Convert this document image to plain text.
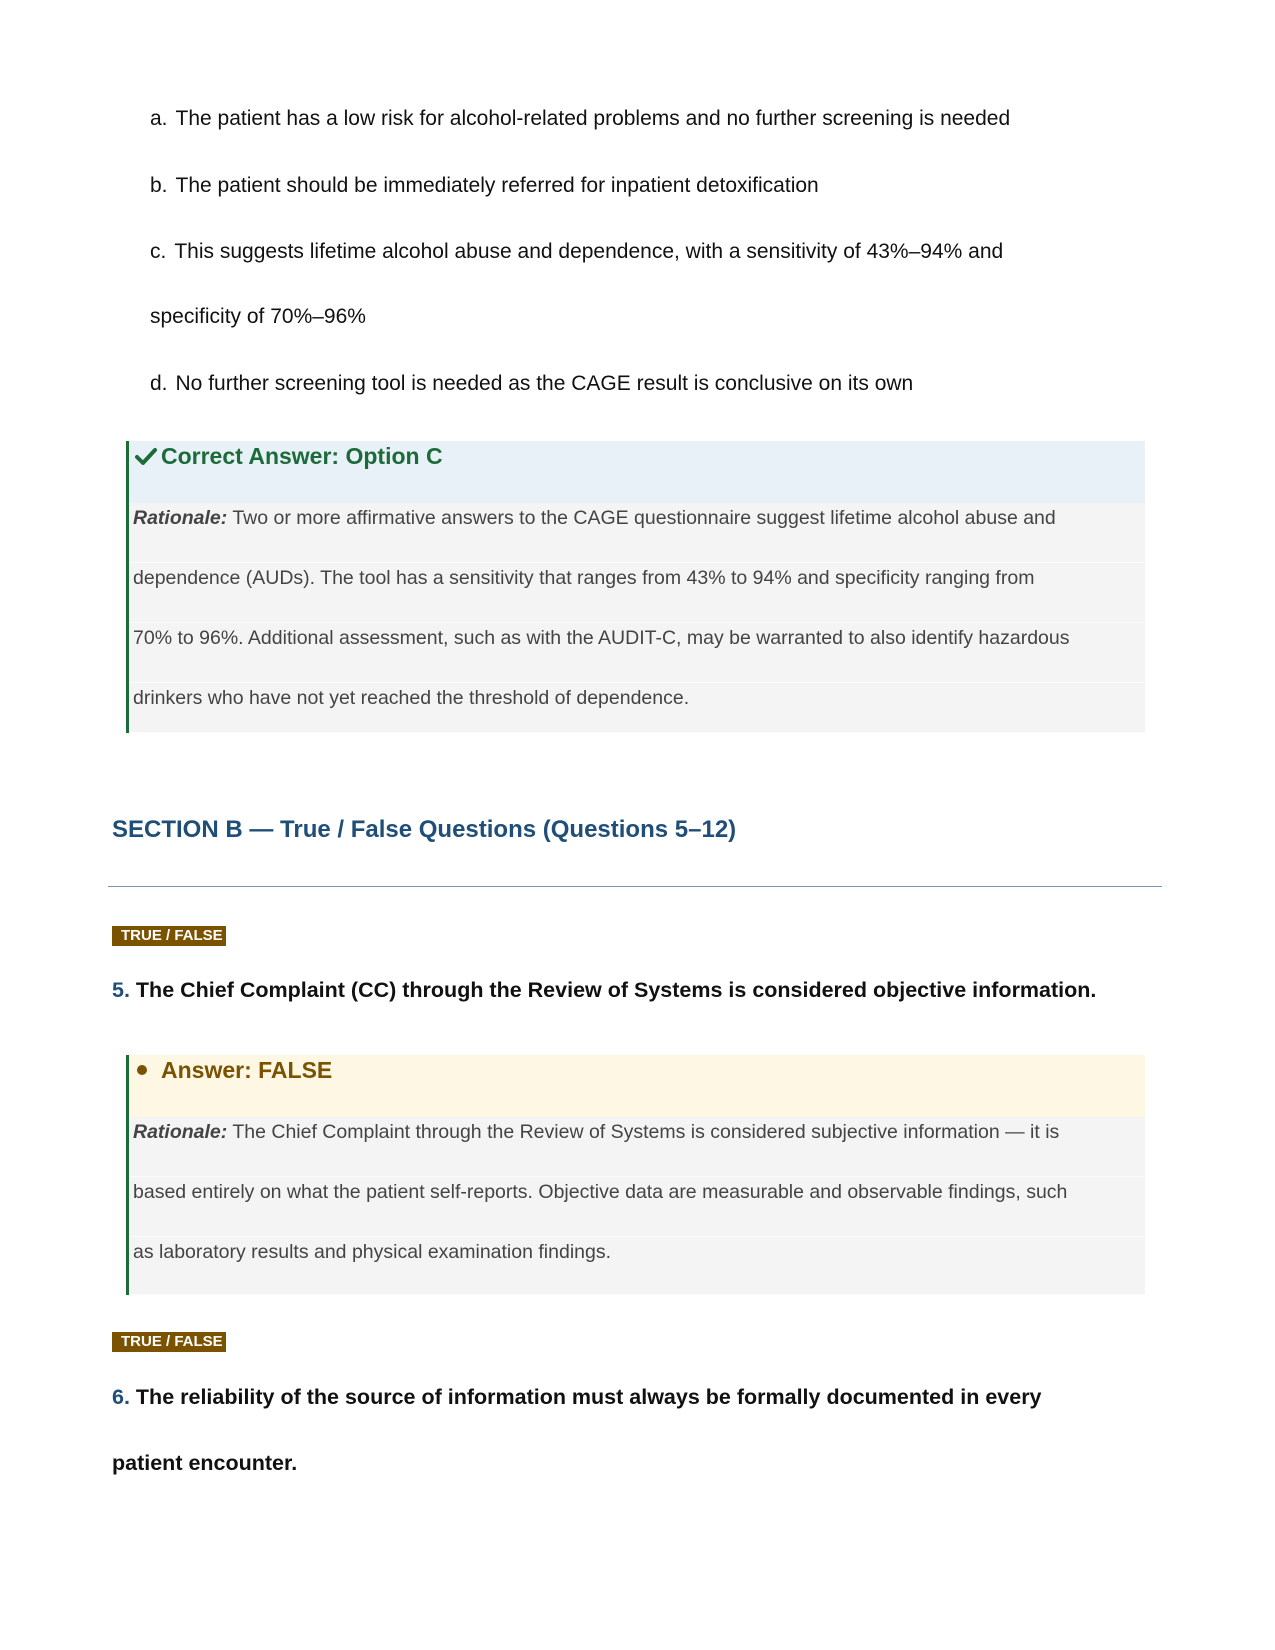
a. The patient has a low risk for alcohol-related problems and no further screening is needed
b. The patient should be immediately referred for inpatient detoxification
c. This suggests lifetime alcohol abuse and dependence, with a sensitivity of 43%–94% and
specificity of 70%–96%
d. No further screening tool is needed as the CAGE result is conclusive on its own
Correct Answer: Option C
Rationale: Two or more affirmative answers to the CAGE questionnaire suggest lifetime alcohol abuse and
dependence (AUDs). The tool has a sensitivity that ranges from 43% to 94% and specificity ranging from
70% to 96%. Additional assessment, such as with the AUDIT-C, may be warranted to also identify hazardous
drinkers who have not yet reached the threshold of dependence.
SECTION B — True / False Questions (Questions 5–12)
TRUE / FALSE
5. The Chief Complaint (CC) through the Review of Systems is considered objective information.
Answer: FALSE
Rationale: The Chief Complaint through the Review of Systems is considered subjective information — it is
based entirely on what the patient self-reports. Objective data are measurable and observable findings, such
as laboratory results and physical examination findings.
TRUE / FALSE
6. The reliability of the source of information must always be formally documented in every
patient encounter.
